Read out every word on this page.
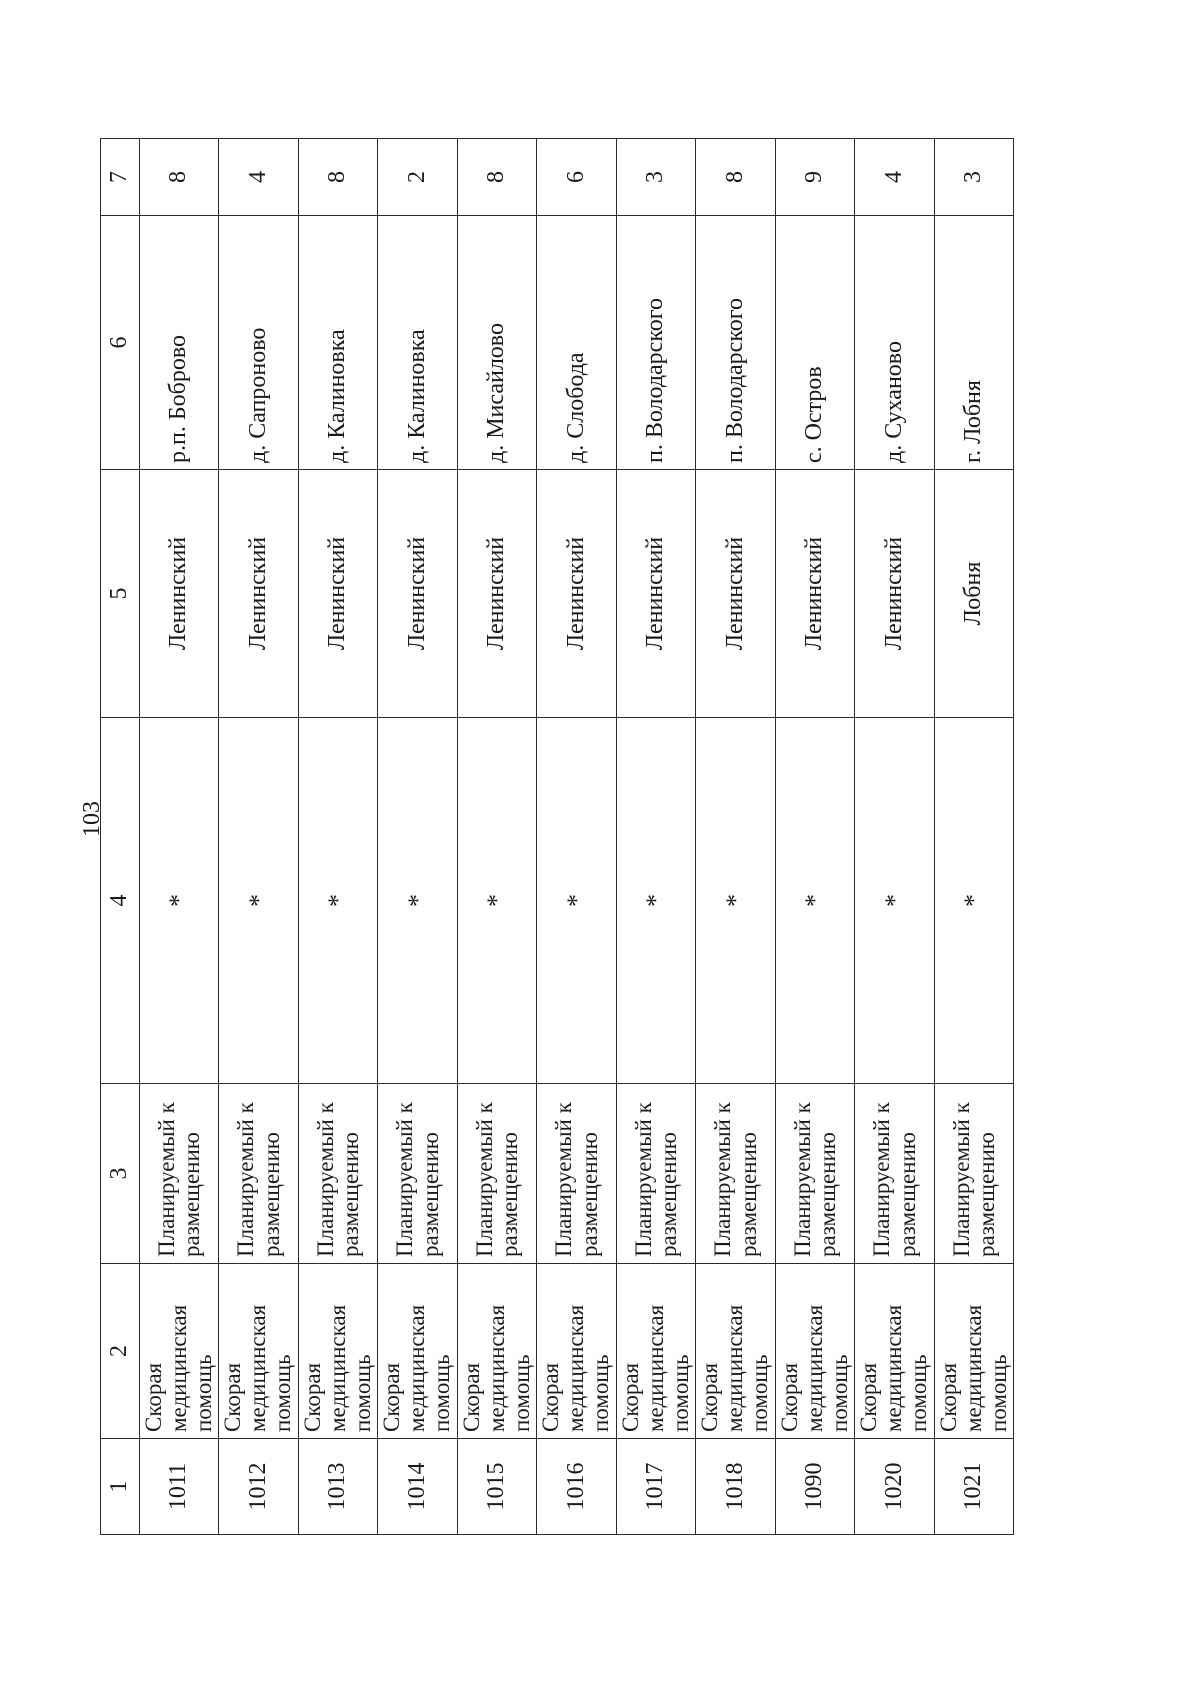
103
1	2	3	4	5	6	7
1011	Скорая медицинская помощь	Планируемый к размещению	*	Ленинский	р.п. Боброво	8
1012	Скорая медицинская помощь	Планируемый к размещению	*	Ленинский	д. Сапроново	4
1013	Скорая медицинская помощь	Планируемый к размещению	*	Ленинский	д. Калиновка	8
1014	Скорая медицинская помощь	Планируемый к размещению	*	Ленинский	д. Калиновка	2
1015	Скорая медицинская помощь	Планируемый к размещению	*	Ленинский	д. Мисайлово	8
1016	Скорая медицинская помощь	Планируемый к размещению	*	Ленинский	д. Слобода	6
1017	Скорая медицинская помощь	Планируемый к размещению	*	Ленинский	п. Володарского	3
1018	Скорая медицинская помощь	Планируемый к размещению	*	Ленинский	п. Володарского	8
1090	Скорая медицинская помощь	Планируемый к размещению	*	Ленинский	с. Остров	9
1020	Скорая медицинская помощь	Планируемый к размещению	*	Ленинский	д. Суханово	4
1021	Скорая медицинская помощь	Планируемый к размещению	*	Лобня	г. Лобня	3
